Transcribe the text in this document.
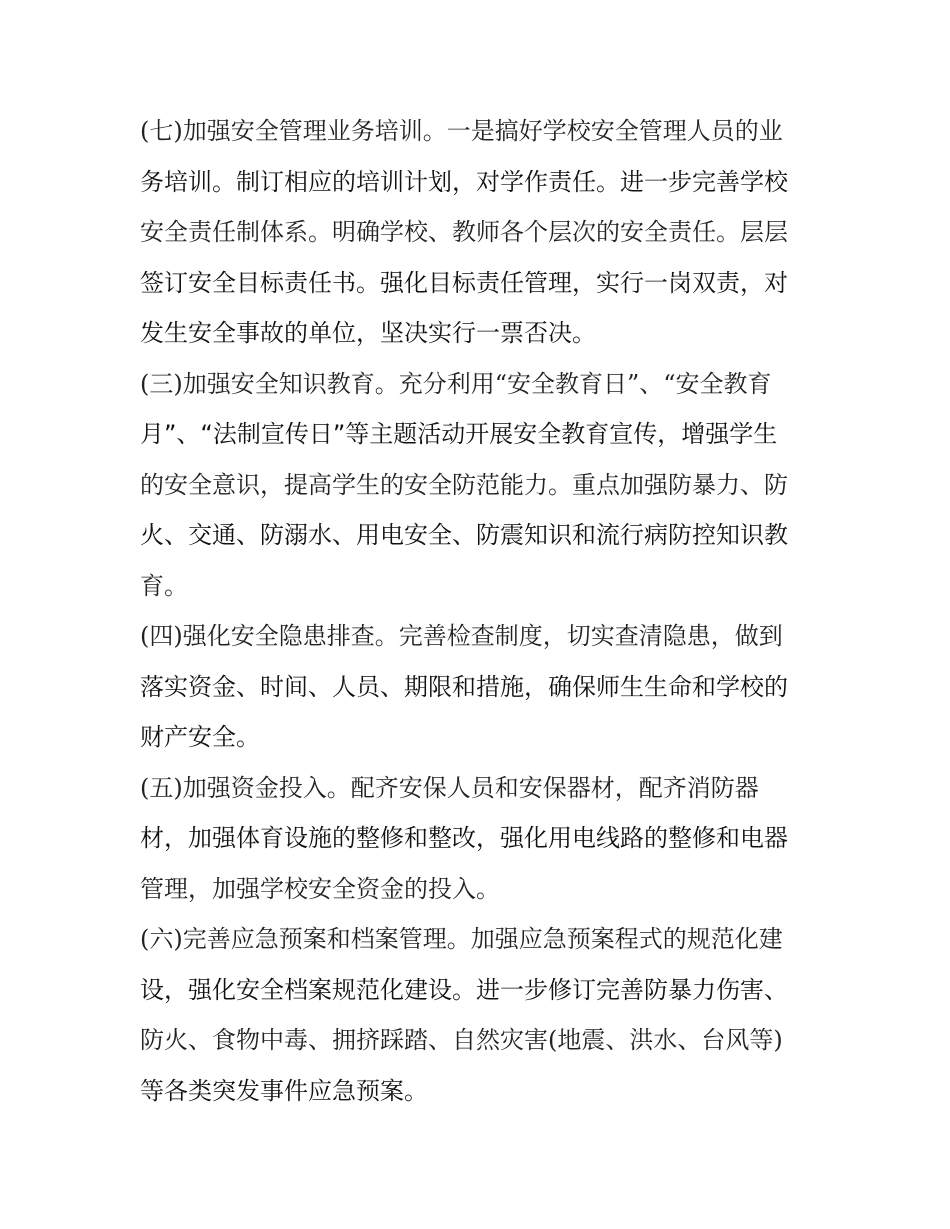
(七)加强安全管理业务培训。一是搞好学校安全管理人员的业
务培训。制订相应的培训计划，对学作责任。进一步完善学校
安全责任制体系。明确学校、教师各个层次的安全责任。层层
签订安全目标责任书。强化目标责任管理，实行一岗双责，对
发生安全事故的单位，坚决实行一票否决。
(三)加强安全知识教育。充分利用“安全教育日”、“安全教育
月”、“法制宣传日”等主题活动开展安全教育宣传，增强学生
的安全意识，提高学生的安全防范能力。重点加强防暴力、防
火、交通、防溺水、用电安全、防震知识和流行病防控知识教
育。
(四)强化安全隐患排查。完善检查制度，切实查清隐患，做到
落实资金、时间、人员、期限和措施，确保师生生命和学校的
财产安全。
(五)加强资金投入。配齐安保人员和安保器材，配齐消防器
材，加强体育设施的整修和整改，强化用电线路的整修和电器
管理，加强学校安全资金的投入。
(六)完善应急预案和档案管理。加强应急预案程式的规范化建
设，强化安全档案规范化建设。进一步修订完善防暴力伤害、
防火、食物中毒、拥挤踩踏、自然灾害(地震、洪水、台风等)
等各类突发事件应急预案。
